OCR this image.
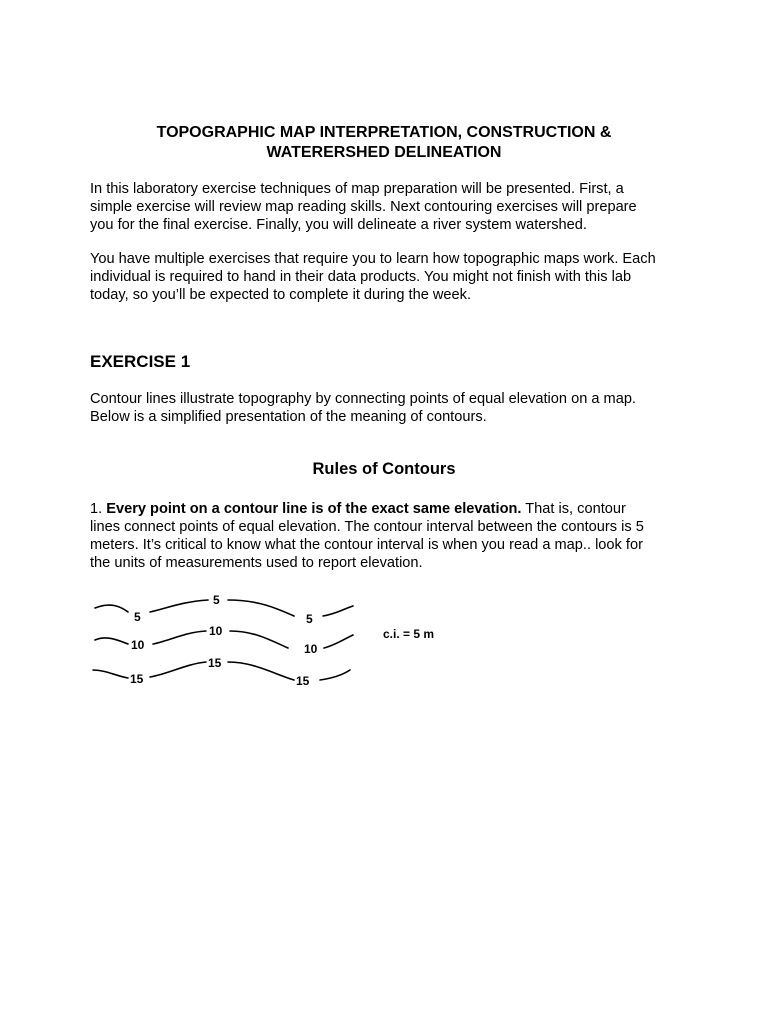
TOPOGRAPHIC MAP INTERPRETATION, CONSTRUCTION &
WATERERSHED DELINEATION

In this laboratory exercise techniques of map preparation will be presented. First, a
simple exercise will review map reading skills. Next contouring exercises will prepare
you for the final exercise. Finally, you will delineate a river system watershed.

You have multiple exercises that require you to learn how topographic maps work. Each
individual is required to hand in their data products. You might not finish with this lab
today, so you’ll be expected to complete it during the week.

EXERCISE 1

Contour lines illustrate topography by connecting points of equal elevation on a map.
Below is a simplified presentation of the meaning of contours.

Rules of Contours

1. Every point on a contour line is of the exact same elevation. That is, contour
lines connect points of equal elevation. The contour interval between the contours is 5
meters. It’s critical to know what the contour interval is when you read a map.. look for
the units of measurements used to report elevation.

5
5
5
10
10
10
15
15
15
c.i. = 5 m
